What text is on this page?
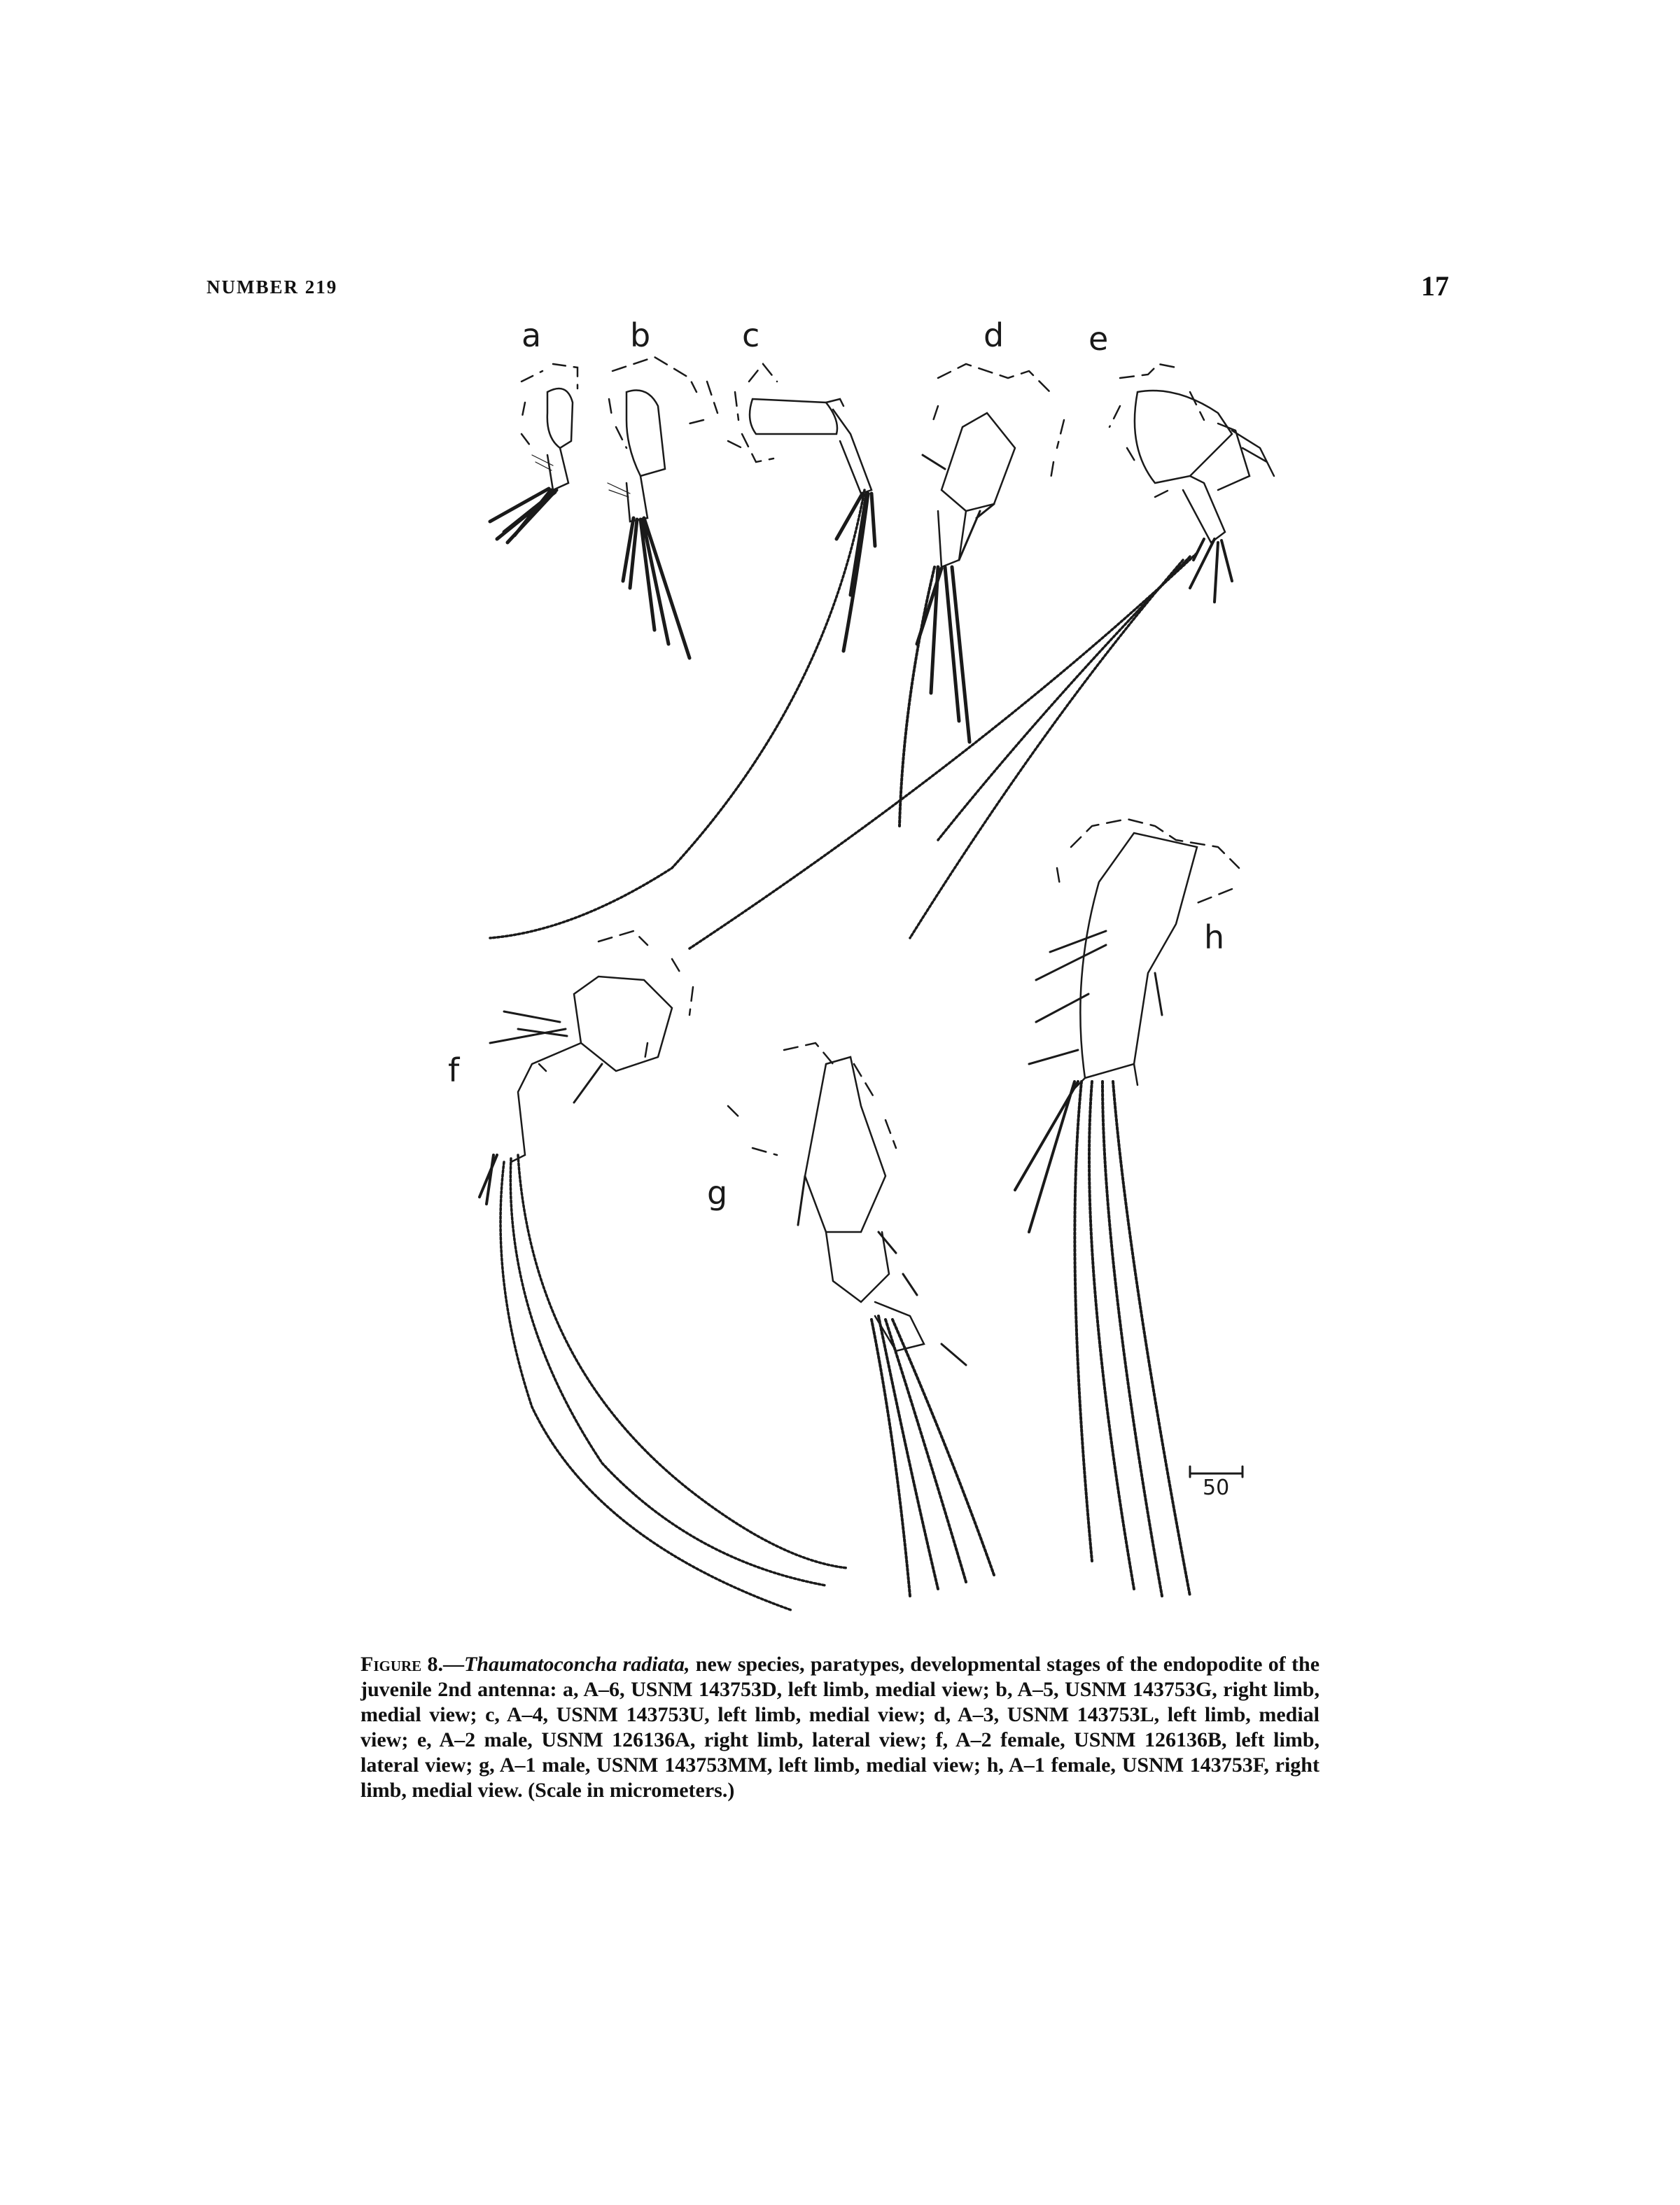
NUMBER 219	17
a	b	c	d	e
f
g
h
50
Figure 8.—Thaumatoconcha radiata, new species, paratypes, developmental stages of the endopodite of the juvenile 2nd antenna: a, A–6, USNM 143753D, left limb, medial view; b, A–5, USNM 143753G, right limb, medial view; c, A–4, USNM 143753U, left limb, medial view; d, A–3, USNM 143753L, left limb, medial view; e, A–2 male, USNM 126136A, right limb, lateral view; f, A–2 female, USNM 126136B, left limb, lateral view; g, A–1 male, USNM 143753MM, left limb, medial view; h, A–1 female, USNM 143753F, right limb, medial view. (Scale in micrometers.)
